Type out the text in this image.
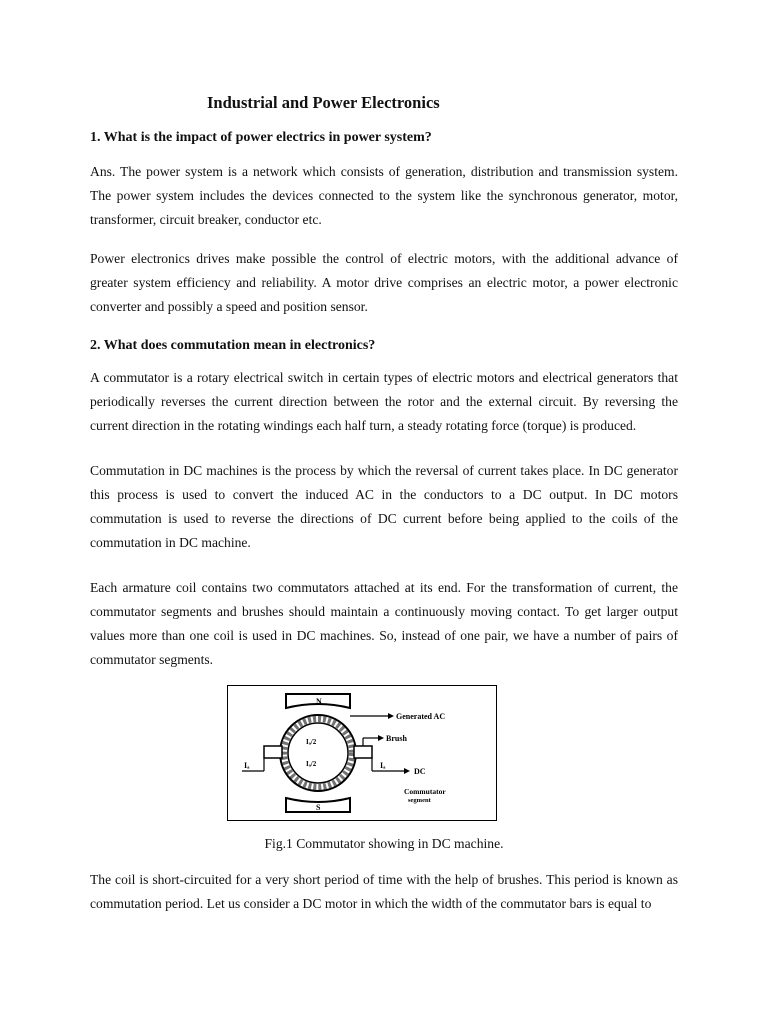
Industrial and Power Electronics
1. What is the impact of power electrics in power system?
Ans. The power system is a network which consists of generation, distribution and transmission system. The power system includes the devices connected to the system like the synchronous generator, motor, transformer, circuit breaker, conductor etc.
Power electronics drives make possible the control of electric motors, with the additional advance of greater system efficiency and reliability. A motor drive comprises an electric motor, a power electronic converter and possibly a speed and position sensor.
2. What does commutation mean in electronics?
A commutator is a rotary electrical switch in certain types of electric motors and electrical generators that periodically reverses the current direction between the rotor and the external circuit. By reversing the current direction in the rotating windings each half turn, a steady rotating force (torque) is produced.
Commutation in DC machines is the process by which the reversal of current takes place. In DC generator this process is used to convert the induced AC in the conductors to a DC output. In DC motors commutation is used to reverse the directions of DC current before being applied to the coils of the commutation in DC machine.
Each armature coil contains two commutators attached at its end. For the transformation of current, the commutator segments and brushes should maintain a continuously moving contact. To get larger output values more than one coil is used in DC machines. So, instead of one pair, we have a number of pairs of commutator segments.
N
S
Iₐ	Iₐ
Iₐ/2
Iₐ/2
Generated AC
Brush
DC
Commutator
segment
Fig.1 Commutator showing in DC machine.
The coil is short-circuited for a very short period of time with the help of brushes. This period is known as commutation period. Let us consider a DC motor in which the width of the commutator bars is equal to
